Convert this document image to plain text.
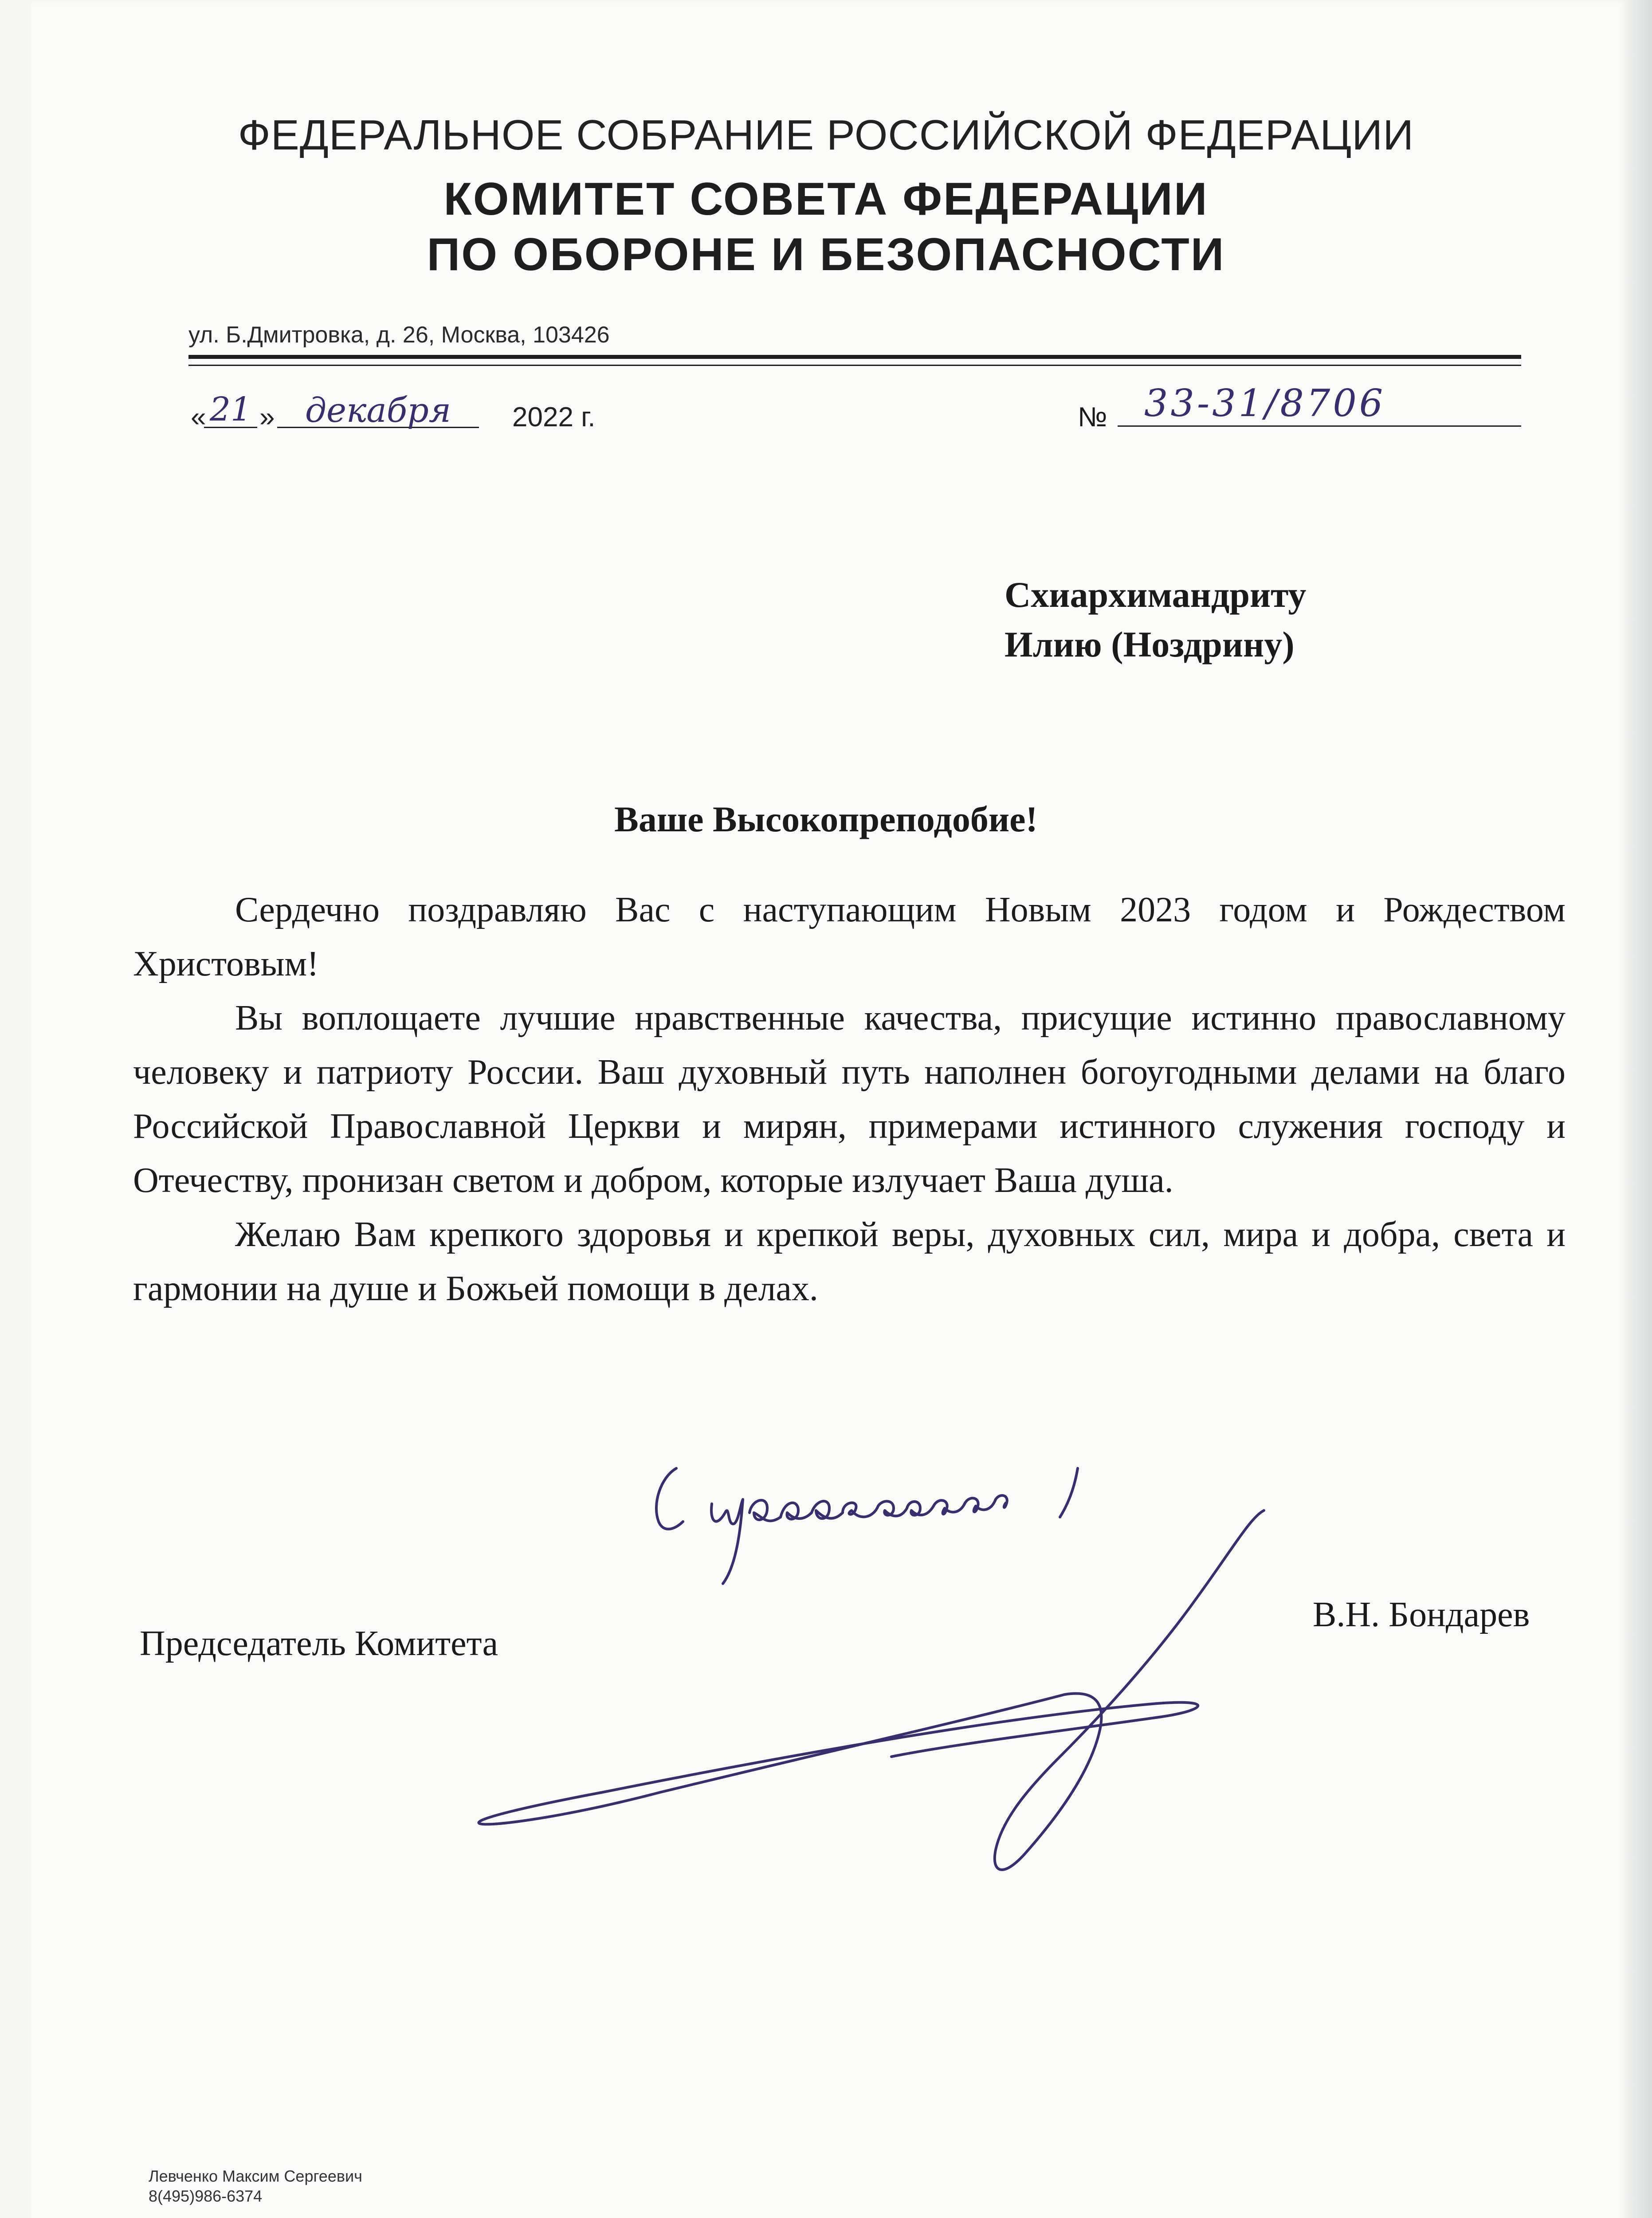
ФЕДЕРАЛЬНОЕ СОБРАНИЕ РОССИЙСКОЙ ФЕДЕРАЦИИ
КОМИТЕТ СОВЕТА ФЕДЕРАЦИИ
ПО ОБОРОНЕ И БЕЗОПАСНОСТИ
ул. Б.Дмитровка, д. 26, Москва, 103426
« 21 » декабря	2022 г.	№ 33-31/8706
Схиархимандриту
Илию (Ноздрину)
Ваше Высокопреподобие!

Сердечно поздравляю Вас с наступающим Новым 2023 годом и Рождеством Христовым!

Вы воплощаете лучшие нравственные качества, присущие истинно православному человеку и патриоту России. Ваш духовный путь наполнен богоугодными делами на благо Российской Православной Церкви и мирян, примерами истинного служения господу и Отечеству, пронизан светом и добром, которые излучает Ваша душа.

Желаю Вам крепкого здоровья и крепкой веры, духовных сил, мира и добра, света и гармонии на душе и Божьей помощи в делах.

Председатель Комитета
В.Н. Бондарев
Левченко Максим Сергеевич
8(495)986-6374
